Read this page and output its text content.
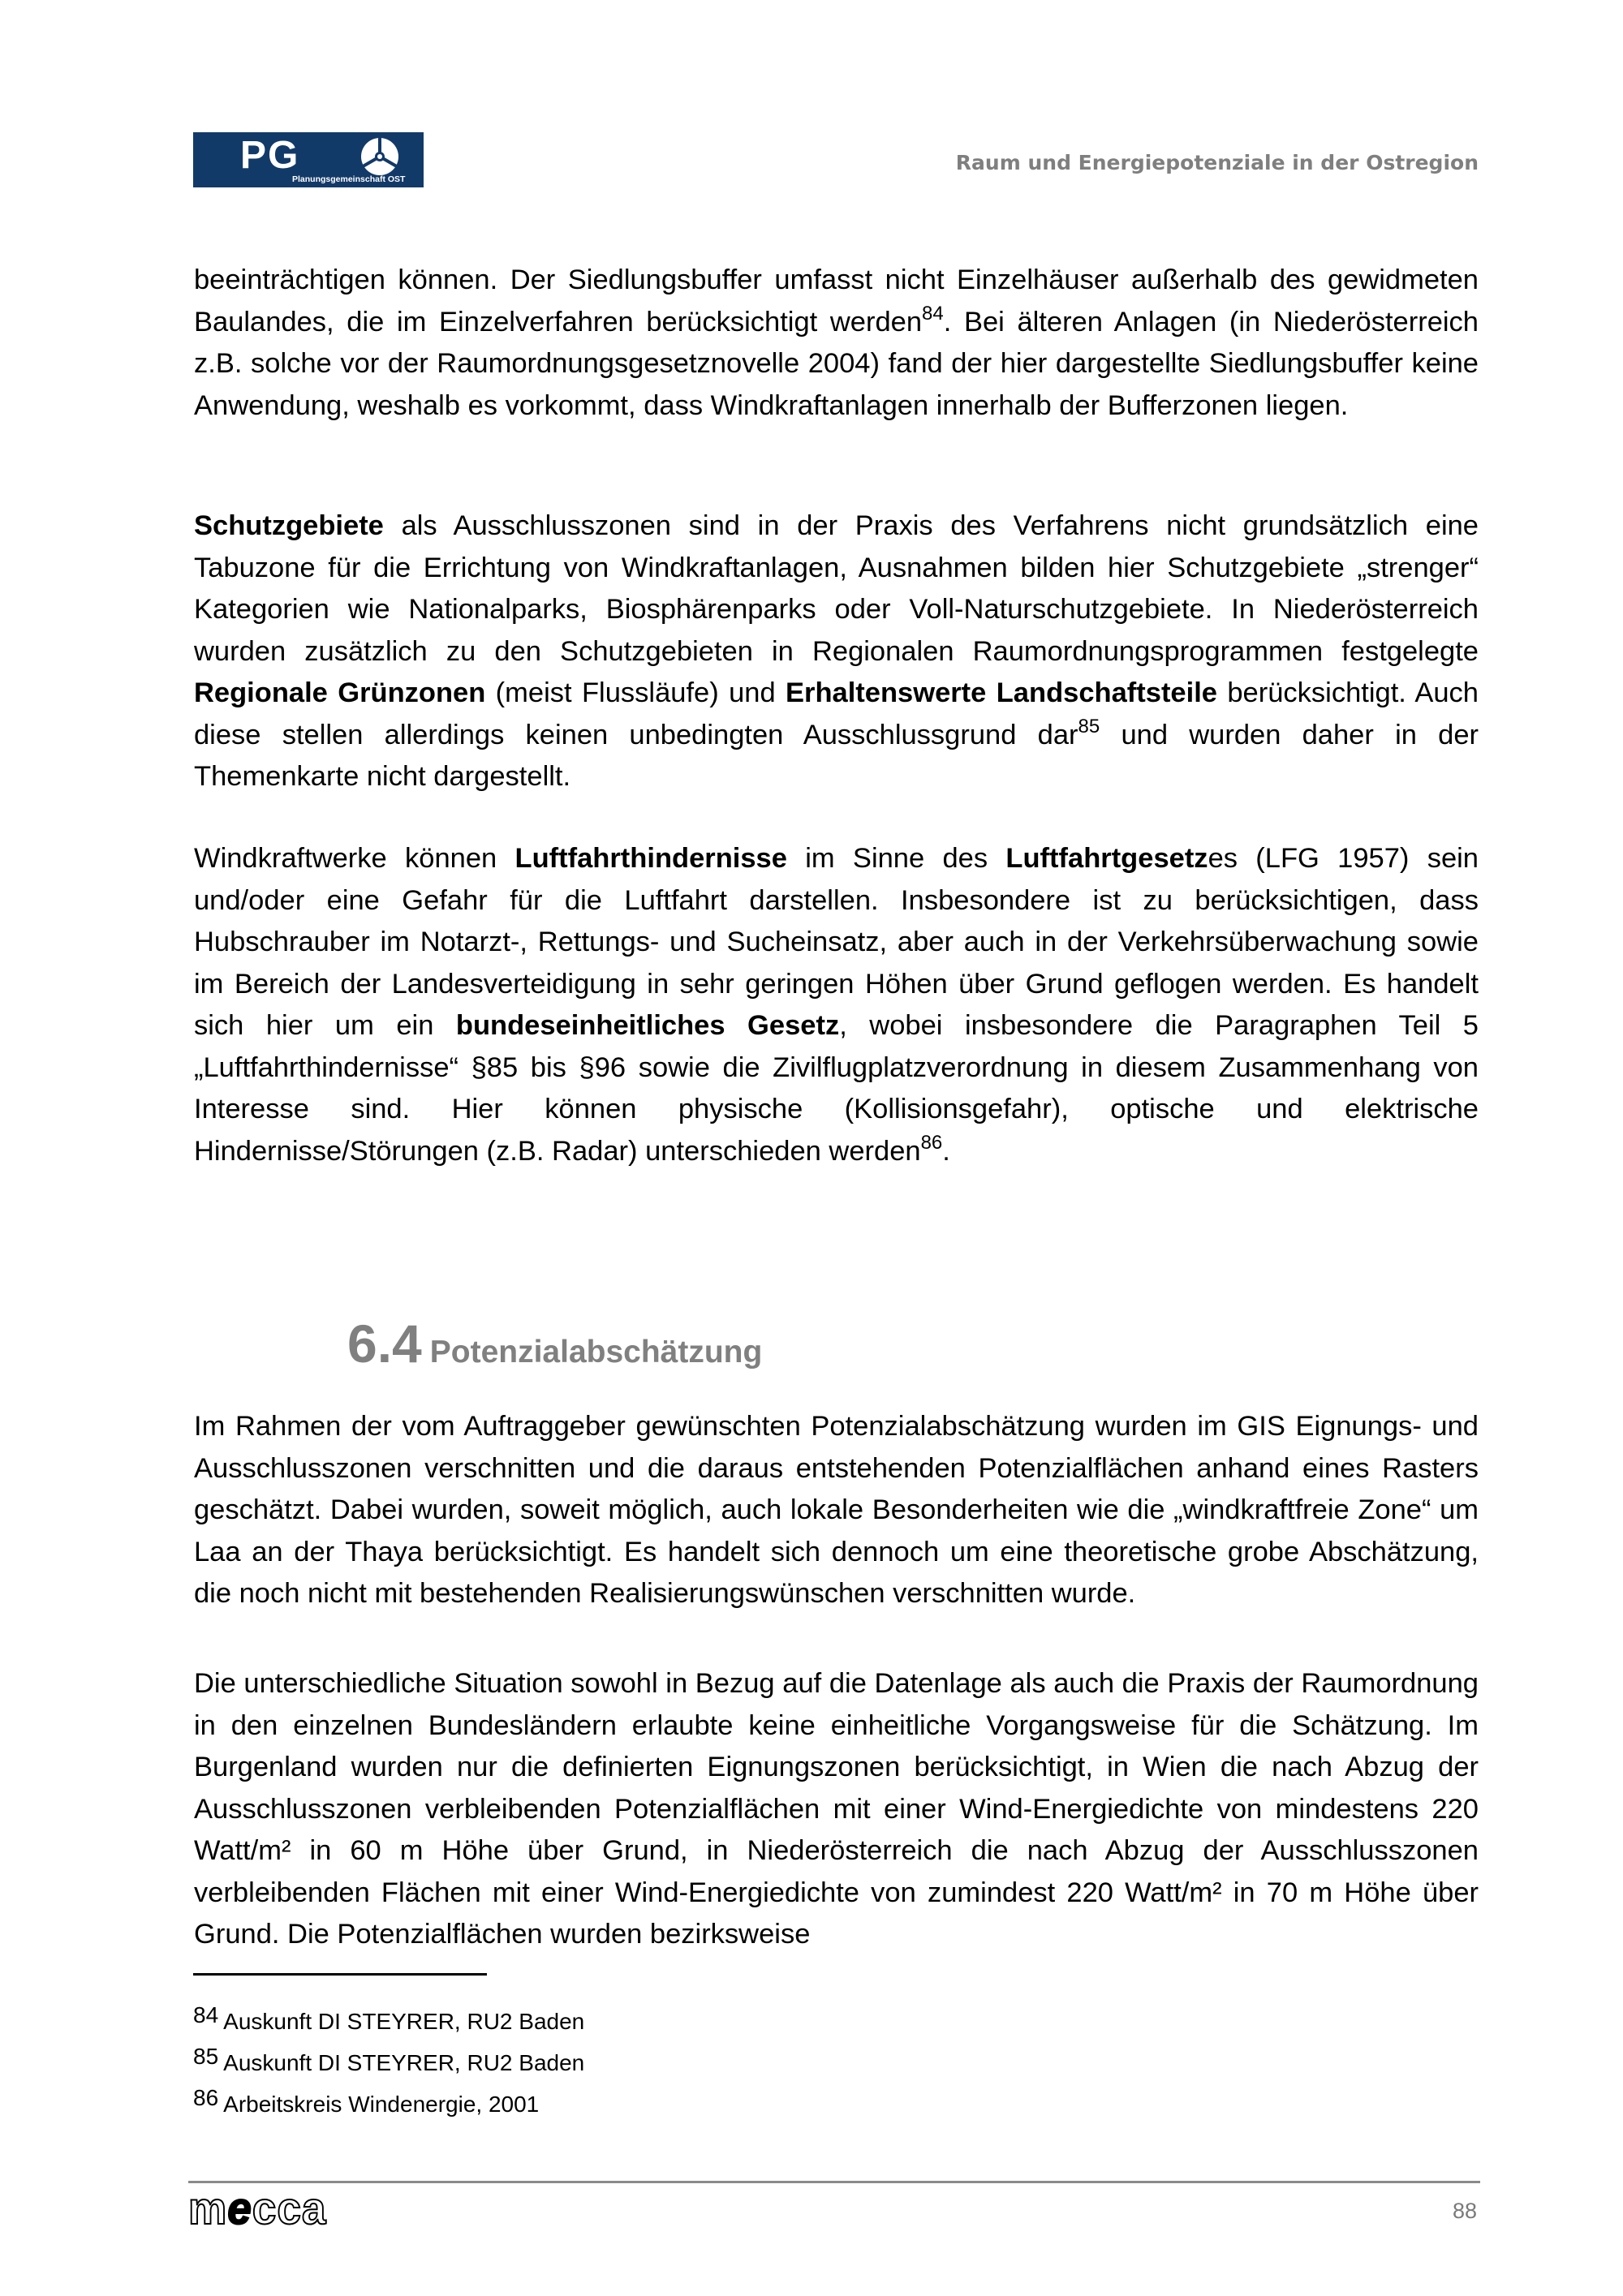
PG
Planungsgemeinschaft OST
Raum und Energiepotenziale in der Ostregion
beeinträchtigen können. Der Siedlungsbuffer umfasst nicht Einzelhäuser außerhalb des gewidmeten Baulandes, die im Einzelverfahren berücksichtigt werden$^{84}$. Bei älteren Anlagen (in Niederösterreich z.B. solche vor der Raumordnungsgesetznovelle 2004) fand der hier dargestellte Siedlungsbuffer keine Anwendung, weshalb es vorkommt, dass Windkraftanlagen innerhalb der Bufferzonen liegen.
Schutzgebiete als Ausschlusszonen sind in der Praxis des Verfahrens nicht grundsätzlich eine Tabuzone für die Errichtung von Windkraftanlagen, Ausnahmen bilden hier Schutzgebiete „strenger“ Kategorien wie Nationalparks, Biosphärenparks oder Voll-Naturschutzgebiete. In Niederösterreich wurden zusätzlich zu den Schutzgebieten in Regionalen Raumordnungsprogrammen festgelegte Regionale Grünzonen (meist Flussläufe) und Erhaltenswerte Landschaftsteile berücksichtigt. Auch diese stellen allerdings keinen unbedingten Ausschlussgrund dar$^{85}$ und wurden daher in der Themenkarte nicht dargestellt.
Windkraftwerke können Luftfahrthindernisse im Sinne des Luftfahrtgesetzes (LFG 1957) sein und/oder eine Gefahr für die Luftfahrt darstellen. Insbesondere ist zu berücksichtigen, dass Hubschrauber im Notarzt-, Rettungs- und Sucheinsatz, aber auch in der Verkehrsüberwachung sowie im Bereich der Landesverteidigung in sehr geringen Höhen über Grund geflogen werden. Es handelt sich hier um ein bundeseinheitliches Gesetz, wobei insbesondere die Paragraphen Teil 5 „Luftfahrthindernisse“ §85 bis §96 sowie die Zivilflugplatzverordnung in diesem Zusammenhang von Interesse sind. Hier können physische (Kollisionsgefahr), optische und elektrische Hindernisse/Störungen (z.B. Radar) unterschieden werden$^{86}$.
6.4 Potenzialabschätzung
Im Rahmen der vom Auftraggeber gewünschten Potenzialabschätzung wurden im GIS Eignungs- und Ausschlusszonen verschnitten und die daraus entstehenden Potenzialflächen anhand eines Rasters geschätzt. Dabei wurden, soweit möglich, auch lokale Besonderheiten wie die „windkraftfreie Zone“ um Laa an der Thaya berücksichtigt. Es handelt sich dennoch um eine theoretische grobe Abschätzung, die noch nicht mit bestehenden Realisierungswünschen verschnitten wurde.
Die unterschiedliche Situation sowohl in Bezug auf die Datenlage als auch die Praxis der Raumordnung in den einzelnen Bundesländern erlaubte keine einheitliche Vorgangsweise für die Schätzung. Im Burgenland wurden nur die definierten Eignungszonen berücksichtigt, in Wien die nach Abzug der Ausschlusszonen verbleibenden Potenzialflächen mit einer Wind-Energiedichte von mindestens 220 Watt/m² in 60 m Höhe über Grund, in Niederösterreich die nach Abzug der Ausschlusszonen verbleibenden Flächen mit einer Wind-Energiedichte von zumindest 220 Watt/m² in 70 m Höhe über Grund. Die Potenzialflächen wurden bezirksweise
84 Auskunft DI STEYRER, RU2 Baden
85 Auskunft DI STEYRER, RU2 Baden
86 Arbeitskreis Windenergie, 2001
mecca	88
